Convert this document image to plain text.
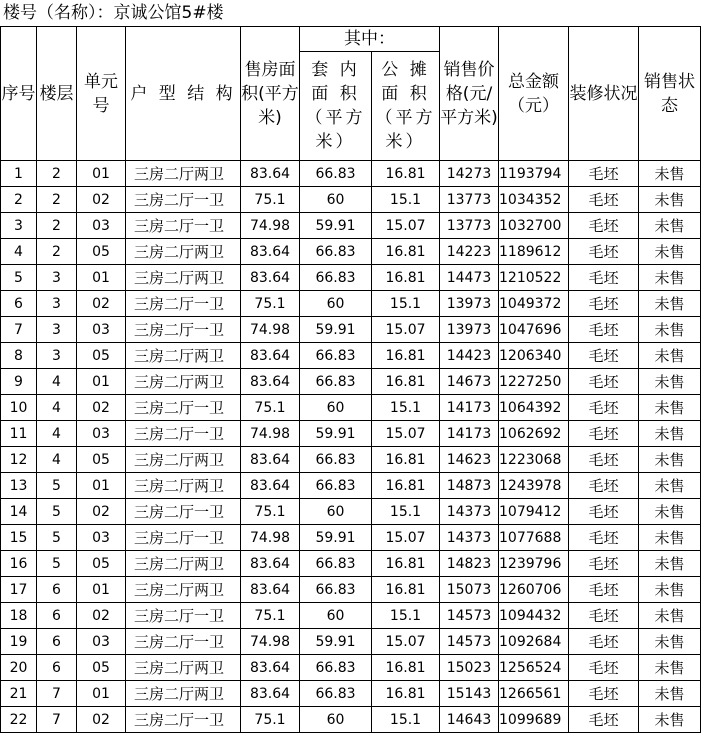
楼号（名称）：京诚公馆5#楼
序号	楼层	单元号	户 型 结 构	售房面积(平方米)	其中：		销售价格(元/平方米)	总金额（元）	装修状况	销售状态
					套 内 面 积 （平方米）	公 摊 面 积 （平方米）				
1	2	01	三房二厅两卫	83.64	66.83	16.81	14273	1193794	毛坯	未售
2	2	02	三房二厅一卫	75.1	60	15.1	13773	1034352	毛坯	未售
3	2	03	三房二厅一卫	74.98	59.91	15.07	13773	1032700	毛坯	未售
4	2	05	三房二厅两卫	83.64	66.83	16.81	14223	1189612	毛坯	未售
5	3	01	三房二厅两卫	83.64	66.83	16.81	14473	1210522	毛坯	未售
6	3	02	三房二厅一卫	75.1	60	15.1	13973	1049372	毛坯	未售
7	3	03	三房二厅一卫	74.98	59.91	15.07	13973	1047696	毛坯	未售
8	3	05	三房二厅两卫	83.64	66.83	16.81	14423	1206340	毛坯	未售
9	4	01	三房二厅两卫	83.64	66.83	16.81	14673	1227250	毛坯	未售
10	4	02	三房二厅一卫	75.1	60	15.1	14173	1064392	毛坯	未售
11	4	03	三房二厅一卫	74.98	59.91	15.07	14173	1062692	毛坯	未售
12	4	05	三房二厅两卫	83.64	66.83	16.81	14623	1223068	毛坯	未售
13	5	01	三房二厅两卫	83.64	66.83	16.81	14873	1243978	毛坯	未售
14	5	02	三房二厅一卫	75.1	60	15.1	14373	1079412	毛坯	未售
15	5	03	三房二厅一卫	74.98	59.91	15.07	14373	1077688	毛坯	未售
16	5	05	三房二厅两卫	83.64	66.83	16.81	14823	1239796	毛坯	未售
17	6	01	三房二厅两卫	83.64	66.83	16.81	15073	1260706	毛坯	未售
18	6	02	三房二厅一卫	75.1	60	15.1	14573	1094432	毛坯	未售
19	6	03	三房二厅一卫	74.98	59.91	15.07	14573	1092684	毛坯	未售
20	6	05	三房二厅两卫	83.64	66.83	16.81	15023	1256524	毛坯	未售
21	7	01	三房二厅两卫	83.64	66.83	16.81	15143	1266561	毛坯	未售
22	7	02	三房二厅一卫	75.1	60	15.1	14643	1099689	毛坯	未售
